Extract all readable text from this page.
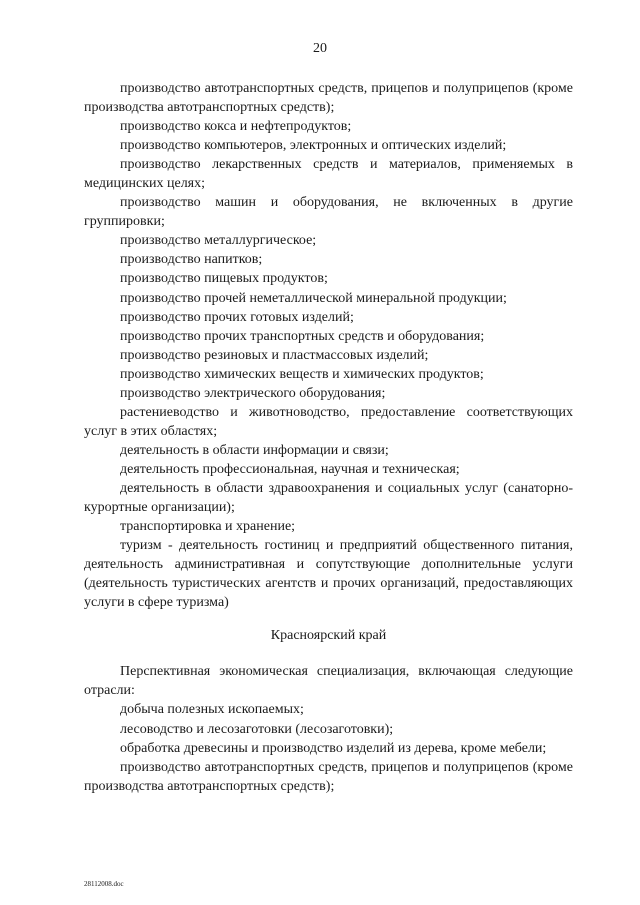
20

производство автотранспортных средств, прицепов и полуприцепов (кроме производства автотранспортных средств);

производство кокса и нефтепродуктов;

производство компьютеров, электронных и оптических изделий;

производство лекарственных средств и материалов, применяемых в медицинских целях;

производство машин и оборудования, не включенных в другие группировки;

производство металлургическое;

производство напитков;

производство пищевых продуктов;

производство прочей неметаллической минеральной продукции;

производство прочих готовых изделий;

производство прочих транспортных средств и оборудования;

производство резиновых и пластмассовых изделий;

производство химических веществ и химических продуктов;

производство электрического оборудования;

растениеводство и животноводство, предоставление соответствующих услуг в этих областях;

деятельность в области информации и связи;

деятельность профессиональная, научная и техническая;

деятельность в области здравоохранения и социальных услуг (санаторно-курортные организации);

транспортировка и хранение;

туризм - деятельность гостиниц и предприятий общественного питания, деятельность административная и сопутствующие дополнительные услуги (деятельность туристических агентств и прочих организаций, предоставляющих услуги в сфере туризма)

Красноярский край

Перспективная экономическая специализация, включающая следующие отрасли:

добыча полезных ископаемых;

лесоводство и лесозаготовки (лесозаготовки);

обработка древесины и производство изделий из дерева, кроме мебели;

производство автотранспортных средств, прицепов и полуприцепов (кроме производства автотранспортных средств);

28112008.doc
